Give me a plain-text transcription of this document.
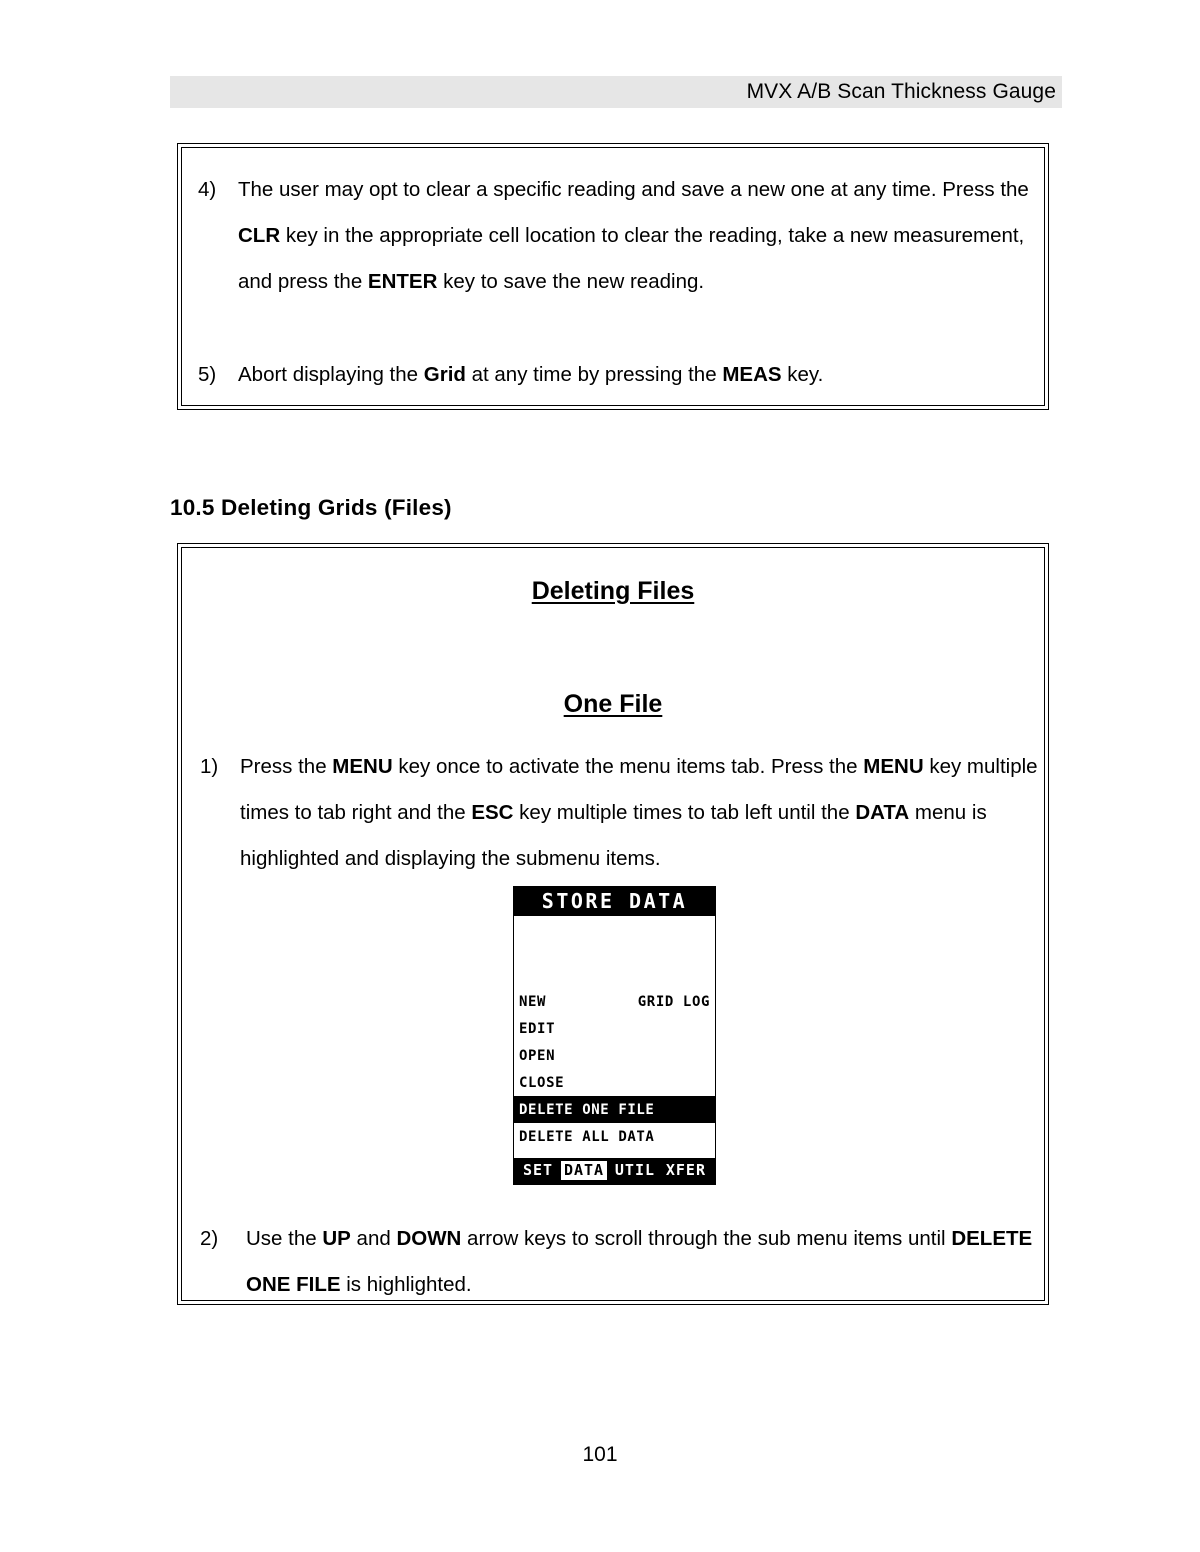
MVX A/B Scan Thickness Gauge
4)	The user may opt to clear a specific reading and save a new one at any time. Press the CLR key in the appropriate cell location to clear the reading, take a new measurement, and press the ENTER key to save the new reading.
5)	Abort displaying the Grid at any time by pressing the MEAS key.
10.5 Deleting Grids (Files)
Deleting Files
One File
1)	Press the MENU key once to activate the menu items tab. Press the MENU key multiple times to tab right and the ESC key multiple times to tab left until the DATA menu is highlighted and displaying the submenu items.
STORE DATA
NEW	GRID LOG
EDIT
OPEN
CLOSE
DELETE ONE FILE
DELETE ALL DATA
SET DATA UTIL XFER
2)	Use the UP and DOWN arrow keys to scroll through the sub menu items until DELETE ONE FILE is highlighted.
101
